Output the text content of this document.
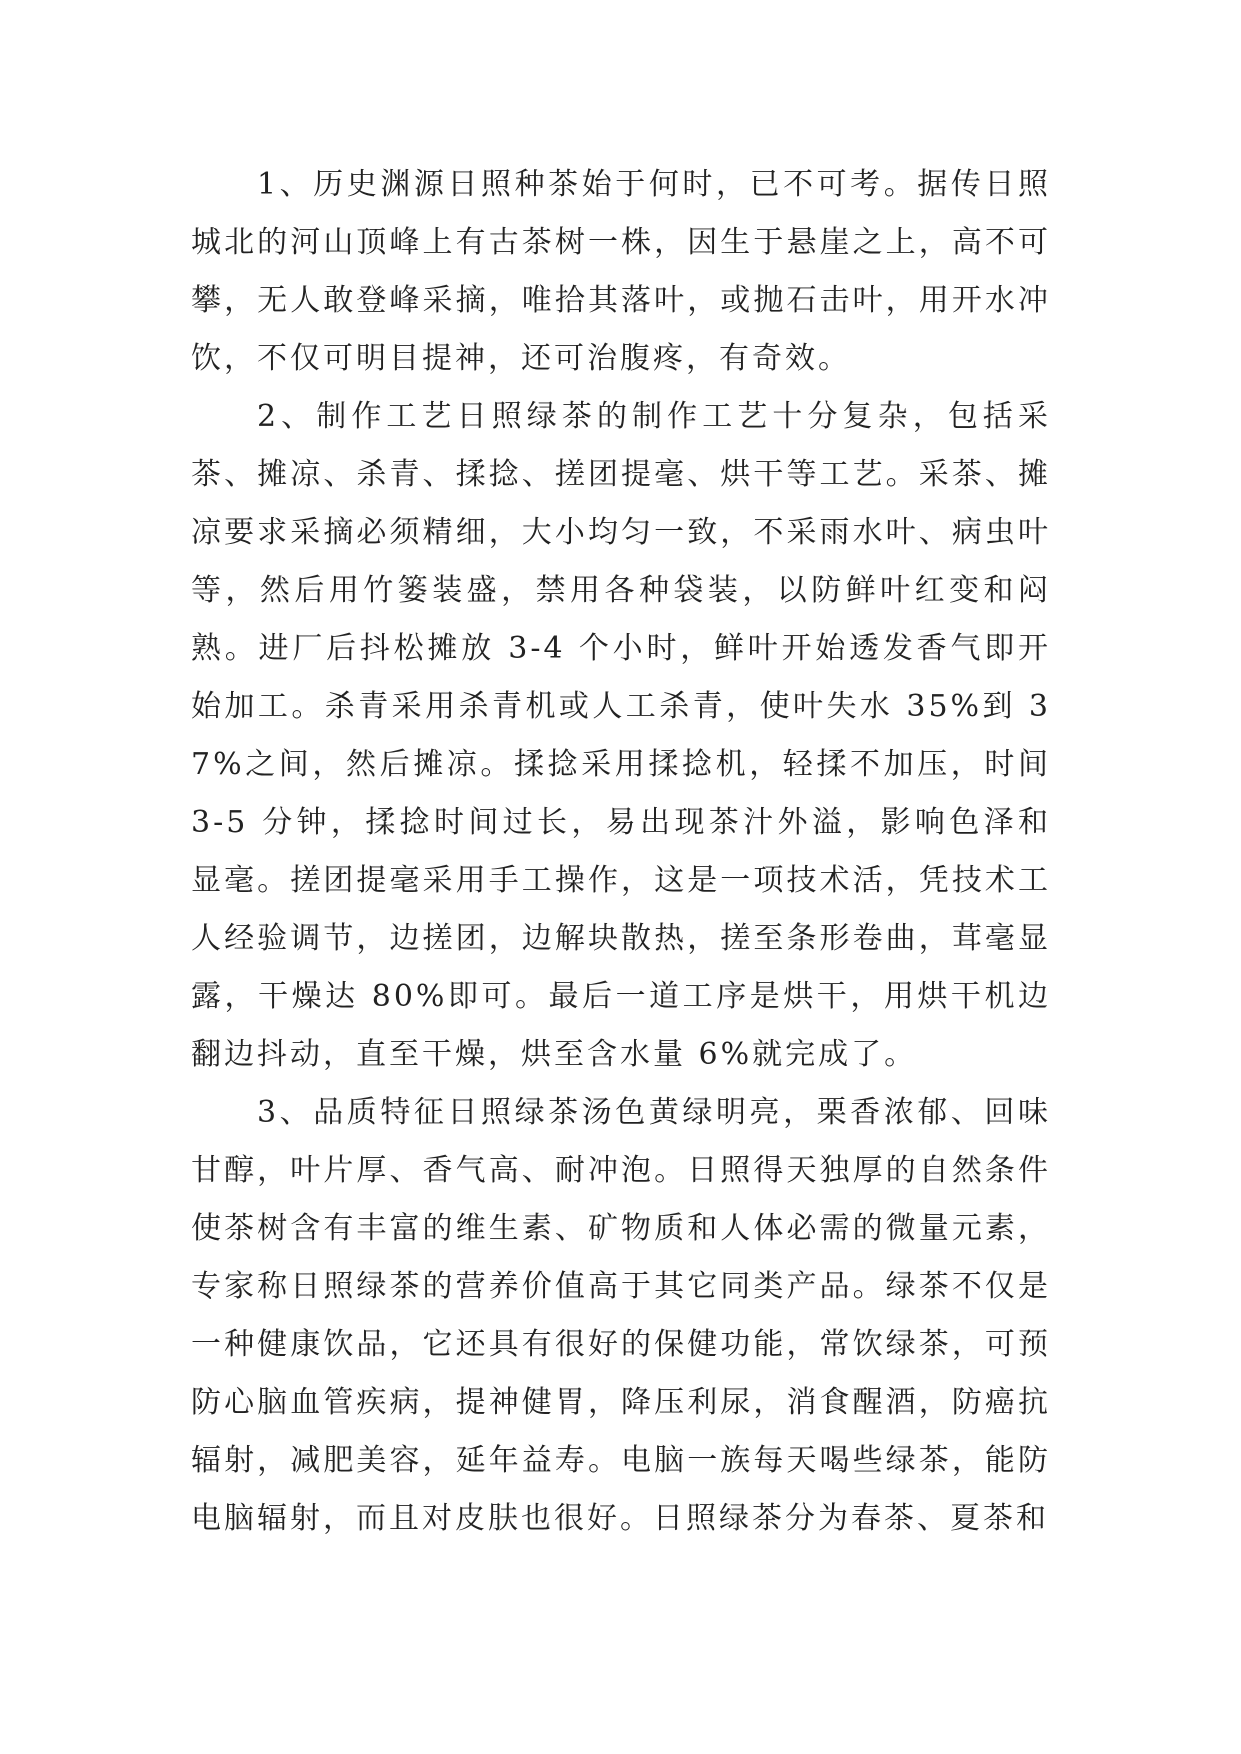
1、历史渊源日照种茶始于何时，已不可考。据传日照城北的河山顶峰上有古茶树一株，因生于悬崖之上，高不可攀，无人敢登峰采摘，唯拾其落叶，或抛石击叶，用开水冲饮，不仅可明目提神，还可治腹疼，有奇效。

2、制作工艺日照绿茶的制作工艺十分复杂，包括采茶、摊凉、杀青、揉捻、搓团提毫、烘干等工艺。采茶、摊凉要求采摘必须精细，大小均匀一致，不采雨水叶、病虫叶等，然后用竹篓装盛，禁用各种袋装，以防鲜叶红变和闷熟。进厂后抖松摊放 3-4 个小时，鲜叶开始透发香气即开始加工。杀青采用杀青机或人工杀青，使叶失水 35%到 37%之间，然后摊凉。揉捻采用揉捻机，轻揉不加压，时间 3-5 分钟，揉捻时间过长，易出现茶汁外溢，影响色泽和显毫。搓团提毫采用手工操作，这是一项技术活，凭技术工人经验调节，边搓团，边解块散热，搓至条形卷曲，茸毫显露，干燥达 80%即可。最后一道工序是烘干，用烘干机边翻边抖动，直至干燥，烘至含水量 6%就完成了。

3、品质特征日照绿茶汤色黄绿明亮，栗香浓郁、回味甘醇，叶片厚、香气高、耐冲泡。日照得天独厚的自然条件使茶树含有丰富的维生素、矿物质和人体必需的微量元素，专家称日照绿茶的营养价值高于其它同类产品。绿茶不仅是一种健康饮品，它还具有很好的保健功能，常饮绿茶，可预防心脑血管疾病，提神健胃，降压利尿，消食醒酒，防癌抗辐射，减肥美容，延年益寿。电脑一族每天喝些绿茶，能防电脑辐射，而且对皮肤也很好。日照绿茶分为春茶、夏茶和
